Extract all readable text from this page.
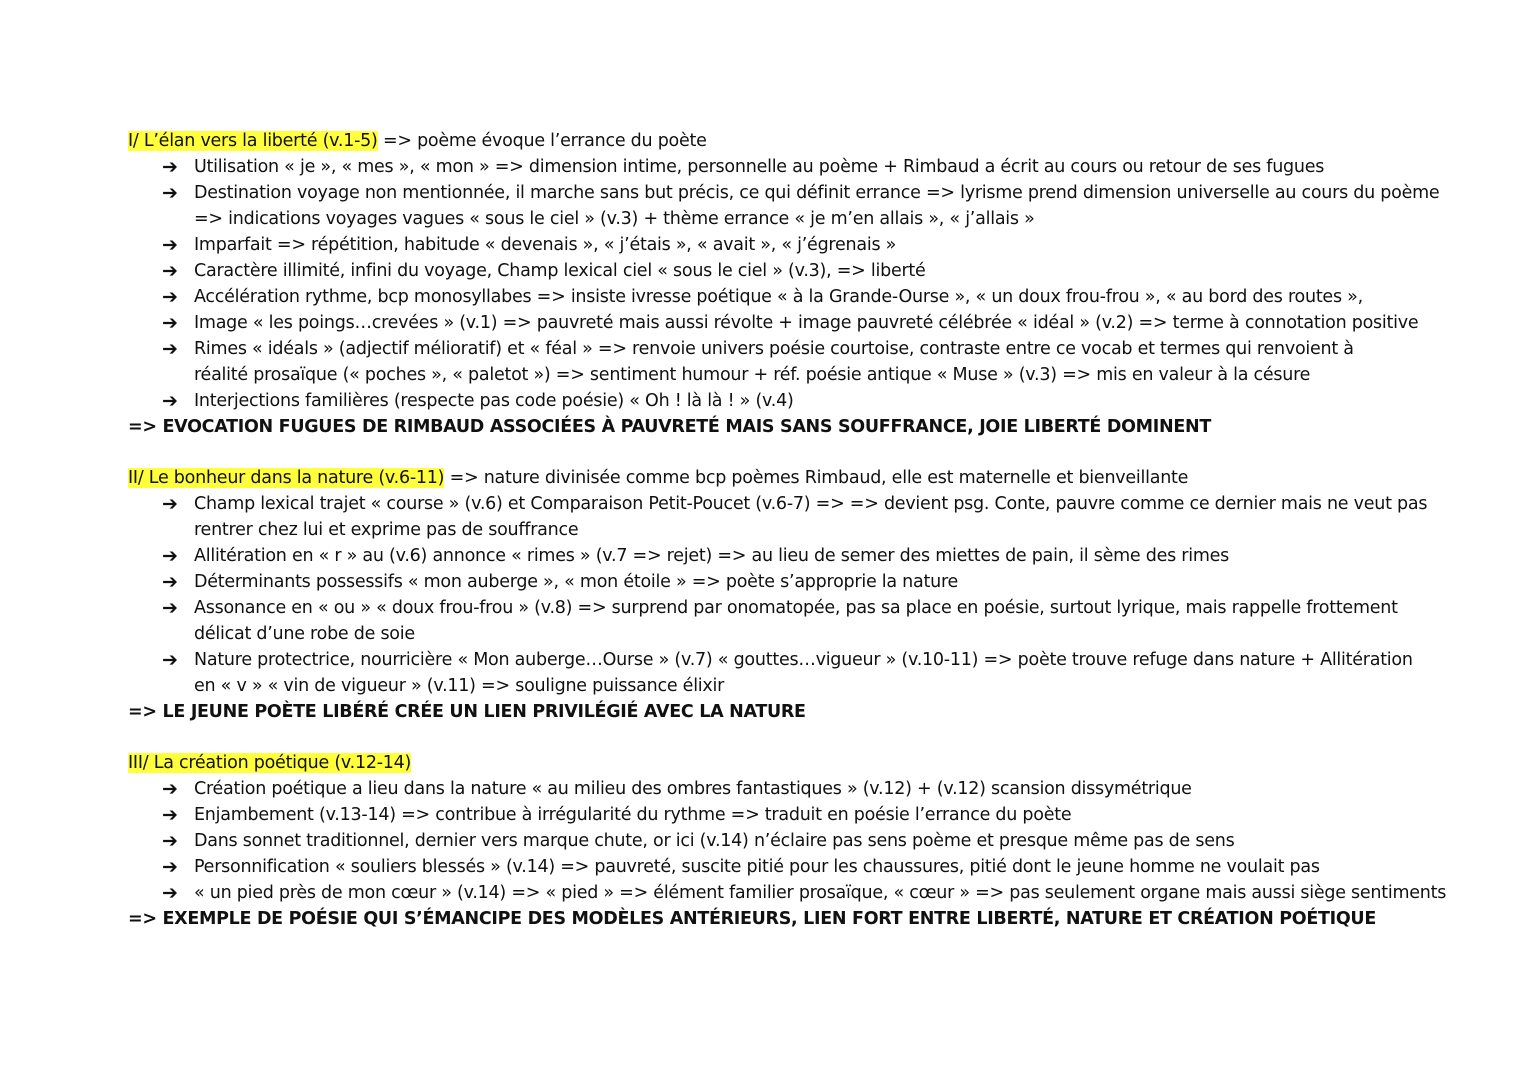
I/ L’élan vers la liberté (v.1-5) => poème évoque l’errance du poète
➔ Utilisation « je », « mes », « mon » => dimension intime, personnelle au poème + Rimbaud a écrit au cours ou retour de ses fugues
➔ Destination voyage non mentionnée, il marche sans but précis, ce qui définit errance => lyrisme prend dimension universelle au cours du poème
=> indications voyages vagues « sous le ciel » (v.3) + thème errance « je m’en allais », « j’allais »
➔ Imparfait => répétition, habitude « devenais », « j’étais », « avait », « j’égrenais »
➔ Caractère illimité, infini du voyage, Champ lexical ciel « sous le ciel » (v.3), => liberté
➔ Accélération rythme, bcp monosyllabes => insiste ivresse poétique « à la Grande-Ourse », « un doux frou-frou », « au bord des routes »,
➔ Image « les poings…crevées » (v.1) => pauvreté mais aussi révolte + image pauvreté célébrée « idéal » (v.2) => terme à connotation positive
➔ Rimes « idéals » (adjectif mélioratif) et « féal » => renvoie univers poésie courtoise, contraste entre ce vocab et termes qui renvoient à
réalité prosaïque (« poches », « paletot ») => sentiment humour + réf. poésie antique « Muse » (v.3) => mis en valeur à la césure
➔ Interjections familières (respecte pas code poésie) « Oh ! là là ! » (v.4)
=> EVOCATION FUGUES DE RIMBAUD ASSOCIÉES À PAUVRETÉ MAIS SANS SOUFFRANCE, JOIE LIBERTÉ DOMINENT
II/ Le bonheur dans la nature (v.6-11) => nature divinisée comme bcp poèmes Rimbaud, elle est maternelle et bienveillante
➔ Champ lexical trajet « course » (v.6) et Comparaison Petit-Poucet (v.6-7) => => devient psg. Conte, pauvre comme ce dernier mais ne veut pas
rentrer chez lui et exprime pas de souffrance
➔ Allitération en « r » au (v.6) annonce « rimes » (v.7 => rejet) => au lieu de semer des miettes de pain, il sème des rimes
➔ Déterminants possessifs « mon auberge », « mon étoile » => poète s’approprie la nature
➔ Assonance en « ou » « doux frou-frou » (v.8) => surprend par onomatopée, pas sa place en poésie, surtout lyrique, mais rappelle frottement
délicat d’une robe de soie
➔ Nature protectrice, nourricière « Mon auberge…Ourse » (v.7) « gouttes…vigueur » (v.10-11) => poète trouve refuge dans nature + Allitération
en « v » « vin de vigueur » (v.11) => souligne puissance élixir
=> LE JEUNE POÈTE LIBÉRÉ CRÉE UN LIEN PRIVILÉGIÉ AVEC LA NATURE
III/ La création poétique (v.12-14)
➔ Création poétique a lieu dans la nature « au milieu des ombres fantastiques » (v.12) + (v.12) scansion dissymétrique
➔ Enjambement (v.13-14) => contribue à irrégularité du rythme => traduit en poésie l’errance du poète
➔ Dans sonnet traditionnel, dernier vers marque chute, or ici (v.14) n’éclaire pas sens poème et presque même pas de sens
➔ Personnification « souliers blessés » (v.14) => pauvreté, suscite pitié pour les chaussures, pitié dont le jeune homme ne voulait pas
➔ « un pied près de mon cœur » (v.14) => « pied » => élément familier prosaïque, « cœur » => pas seulement organe mais aussi siège sentiments
=> EXEMPLE DE POÉSIE QUI S’ÉMANCIPE DES MODÈLES ANTÉRIEURS, LIEN FORT ENTRE LIBERTÉ, NATURE ET CRÉATION POÉTIQUE
